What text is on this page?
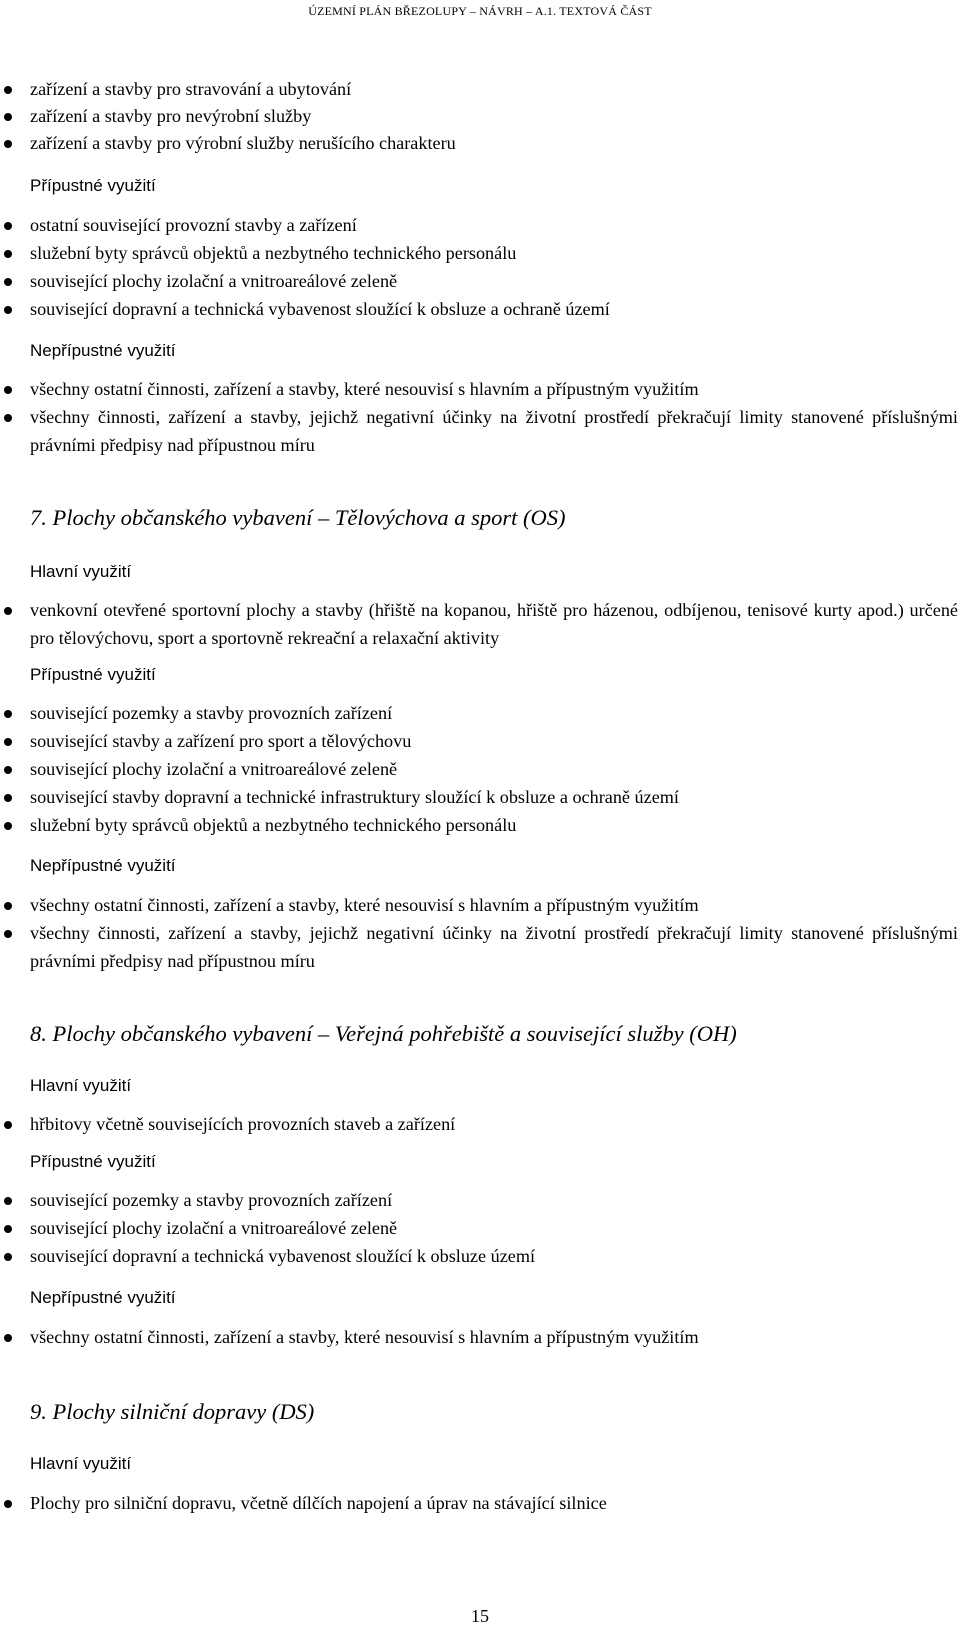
ÚZEMNÍ PLÁN BŘEZOLUPY – NÁVRH – A.1. TEXTOVÁ ČÁST
zařízení a stavby pro stravování a ubytování
zařízení a stavby pro nevýrobní služby
zařízení a stavby pro výrobní služby nerušícího charakteru
Přípustné využití
ostatní související provozní stavby a zařízení
služební byty správců objektů a nezbytného technického personálu
související plochy izolační a vnitroareálové zeleně
související dopravní a technická vybavenost sloužící k obsluze a ochraně území
Nepřípustné využití
všechny ostatní činnosti, zařízení a stavby, které nesouvisí s hlavním a přípustným využitím
všechny činnosti, zařízení a stavby, jejichž negativní účinky na životní prostředí překračují limity stanovené příslušnými právními předpisy nad přípustnou míru
7. Plochy občanského vybavení – Tělovýchova a sport (OS)
Hlavní využití
venkovní otevřené sportovní plochy a stavby (hřiště na kopanou, hřiště pro házenou, odbíjenou, tenisové kurty apod.) určené pro tělovýchovu, sport a sportovně rekreační a relaxační aktivity
Přípustné využití
související pozemky a stavby provozních zařízení
související stavby a zařízení pro sport a tělovýchovu
související plochy izolační a vnitroareálové zeleně
související stavby dopravní a technické infrastruktury sloužící k obsluze a ochraně území
služební byty správců objektů a nezbytného technického personálu
Nepřípustné využití
všechny ostatní činnosti, zařízení a stavby, které nesouvisí s hlavním a přípustným využitím
všechny činnosti, zařízení a stavby, jejichž negativní účinky na životní prostředí překračují limity stanovené příslušnými právními předpisy nad přípustnou míru
8. Plochy občanského vybavení – Veřejná pohřebiště a související služby (OH)
Hlavní využití
hřbitovy včetně souvisejících provozních staveb a zařízení
Přípustné využití
související pozemky a stavby provozních zařízení
související plochy izolační a vnitroareálové zeleně
související dopravní a technická vybavenost sloužící k obsluze území
Nepřípustné využití
všechny ostatní činnosti, zařízení a stavby, které nesouvisí s hlavním a přípustným využitím
9. Plochy silniční dopravy (DS)
Hlavní využití
Plochy pro silniční dopravu, včetně dílčích napojení a úprav na stávající silnice
15
